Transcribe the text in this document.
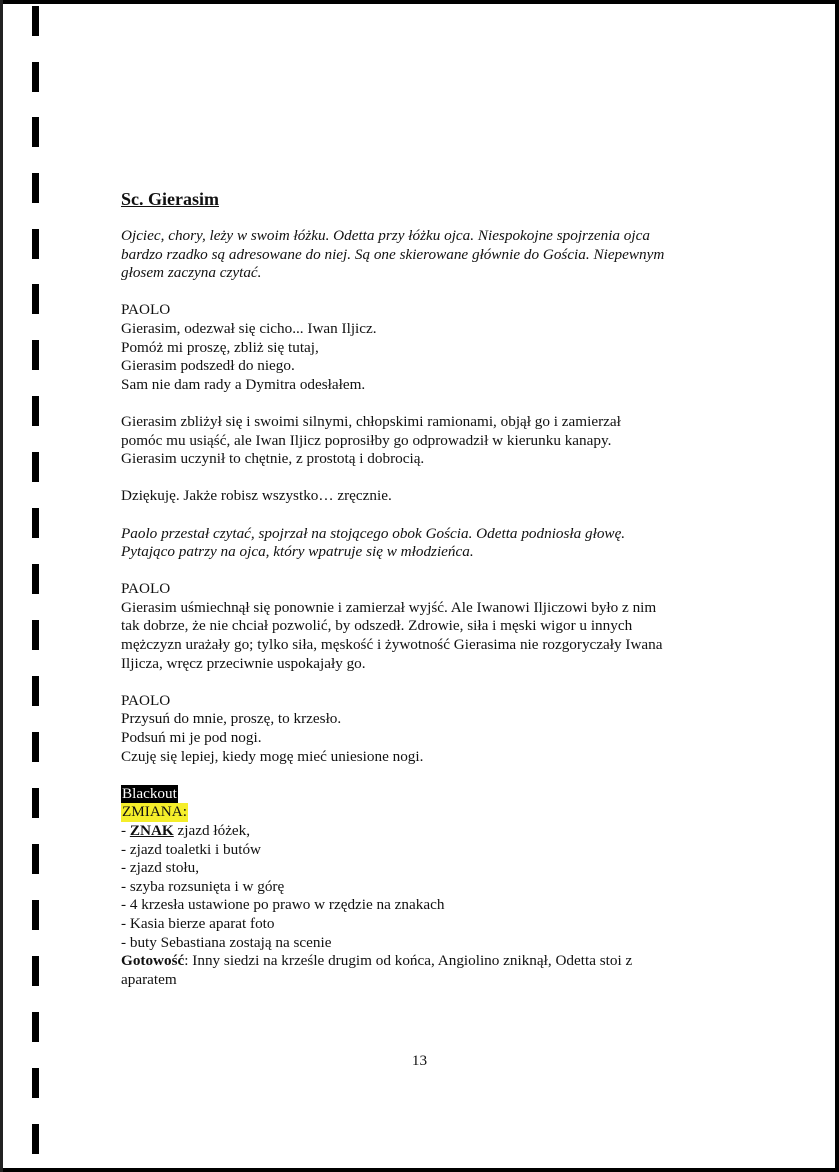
Sc. Gierasim
Ojciec, chory, leży w swoim łóżku. Odetta przy łóżku ojca. Niespokojne spojrzenia ojca
bardzo rzadko są adresowane do niej. Są one skierowane głównie do Gościa. Niepewnym
głosem zaczyna czytać.
PAOLO
Gierasim, odezwał się cicho... Iwan Iljicz.
Pomóż mi proszę, zbliż się tutaj,
Gierasim podszedł do niego.
Sam nie dam rady a Dymitra odesłałem.
Gierasim zbliżył się i swoimi silnymi, chłopskimi ramionami, objął go i zamierzał
pomóc mu usiąść, ale Iwan Iljicz poprosiłby go odprowadził w kierunku kanapy.
Gierasim uczynił to chętnie, z prostotą i dobrocią.
Dziękuję. Jakże robisz wszystko… zręcznie.
Paolo przestał czytać, spojrzał na stojącego obok Gościa. Odetta podniosła głowę.
Pytająco patrzy na ojca, który wpatruje się w młodzieńca.
PAOLO
Gierasim uśmiechnął się ponownie i zamierzał wyjść. Ale Iwanowi Iljiczowi było z nim
tak dobrze, że nie chciał pozwolić, by odszedł. Zdrowie, siła i męski wigor u innych
mężczyzn urażały go; tylko siła, męskość i żywotność Gierasima nie rozgoryczały Iwana
Iljicza, wręcz przeciwnie uspokajały go.
PAOLO
Przysuń do mnie, proszę, to krzesło.
Podsuń mi je pod nogi.
Czuję się lepiej, kiedy mogę mieć uniesione nogi.
Blackout
ZMIANA:
- ZNAK zjazd łóżek,
- zjazd toaletki i butów
- zjazd stołu,
- szyba rozsunięta i w górę
- 4 krzesła ustawione po prawo w rzędzie na znakach
- Kasia bierze aparat foto
- buty Sebastiana zostają na scenie
Gotowość: Inny siedzi na krześle drugim od końca, Angiolino zniknął, Odetta stoi z
aparatem
13
